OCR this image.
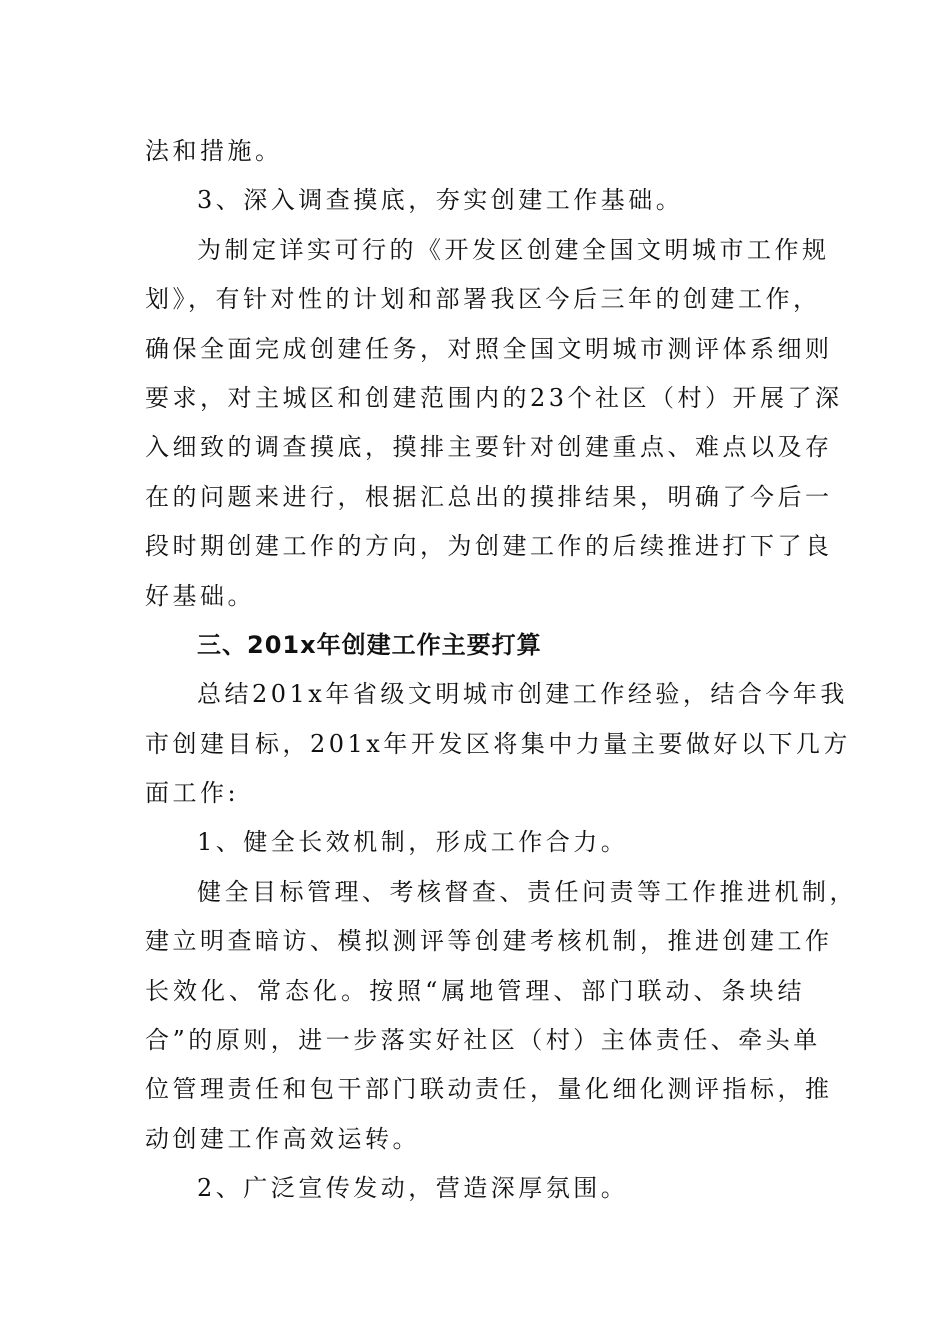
法和措施。

3、深入调查摸底，夯实创建工作基础。

为制定详实可行的《开发区创建全国文明城市工作规

划》，有针对性的计划和部署我区今后三年的创建工作，

确保全面完成创建任务，对照全国文明城市测评体系细则

要求，对主城区和创建范围内的23个社区（村）开展了深

入细致的调查摸底，摸排主要针对创建重点、难点以及存

在的问题来进行，根据汇总出的摸排结果，明确了今后一

段时期创建工作的方向，为创建工作的后续推进打下了良

好基础。

三、201x年创建工作主要打算

总结201x年省级文明城市创建工作经验，结合今年我

市创建目标，201x年开发区将集中力量主要做好以下几方

面工作:

1、健全长效机制，形成工作合力。

健全目标管理、考核督查、责任问责等工作推进机制，

建立明查暗访、模拟测评等创建考核机制，推进创建工作

长效化、常态化。按照“属地管理、部门联动、条块结

合”的原则，进一步落实好社区（村）主体责任、牵头单

位管理责任和包干部门联动责任，量化细化测评指标，推

动创建工作高效运转。

2、广泛宣传发动，营造深厚氛围。
